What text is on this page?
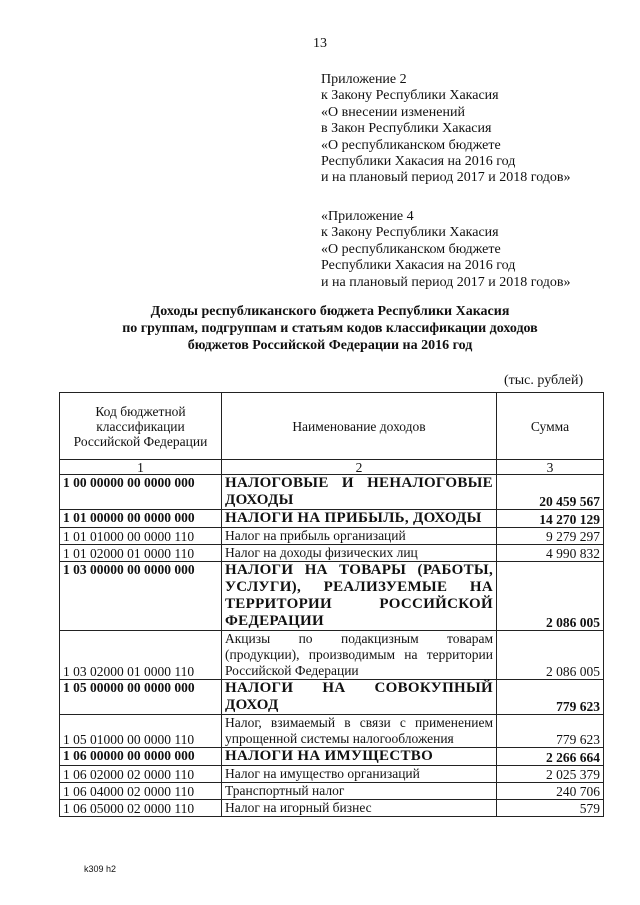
13
Приложение 2
к Закону Республики Хакасия
«О внесении изменений
в Закон Республики Хакасия
«О республиканском бюджете
Республики Хакасия на 2016 год
и на плановый период 2017 и 2018 годов»
«Приложение 4
к Закону Республики Хакасия
«О республиканском бюджете
Республики Хакасия на 2016 год
и на плановый период 2017 и 2018 годов»
Доходы республиканского бюджета Республики Хакасия
по группам, подгруппам и статьям кодов классификации доходов
бюджетов Российской Федерации на 2016 год
(тыс. рублей)
Код бюджетной классификации Российской Федерации	Наименование доходов	Сумма
1	2	3
1 00 00000 00 0000 000	НАЛОГОВЫЕ И НЕНАЛОГОВЫЕ ДОХОДЫ	20 459 567
1 01 00000 00 0000 000	НАЛОГИ НА ПРИБЫЛЬ, ДОХОДЫ	14 270 129
1 01 01000 00 0000 110	Налог на прибыль организаций	9 279 297
1 01 02000 01 0000 110	Налог на доходы физических лиц	4 990 832
1 03 00000 00 0000 000	НАЛОГИ НА ТОВАРЫ (РАБОТЫ, УСЛУГИ), РЕАЛИЗУЕМЫЕ НА ТЕРРИТОРИИ РОССИЙСКОЙ ФЕДЕРАЦИИ	2 086 005
1 03 02000 01 0000 110	Акцизы по подакцизным товарам (продукции), производимым на территории Российской Федерации	2 086 005
1 05 00000 00 0000 000	НАЛОГИ НА СОВОКУПНЫЙ ДОХОД	779 623
1 05 01000 00 0000 110	Налог, взимаемый в связи с применением упрощенной системы налогообложения	779 623
1 06 00000 00 0000 000	НАЛОГИ НА ИМУЩЕСТВО	2 266 664
1 06 02000 02 0000 110	Налог на имущество организаций	2 025 379
1 06 04000 02 0000 110	Транспортный налог	240 706
1 06 05000 02 0000 110	Налог на игорный бизнес	579
k309 h2
